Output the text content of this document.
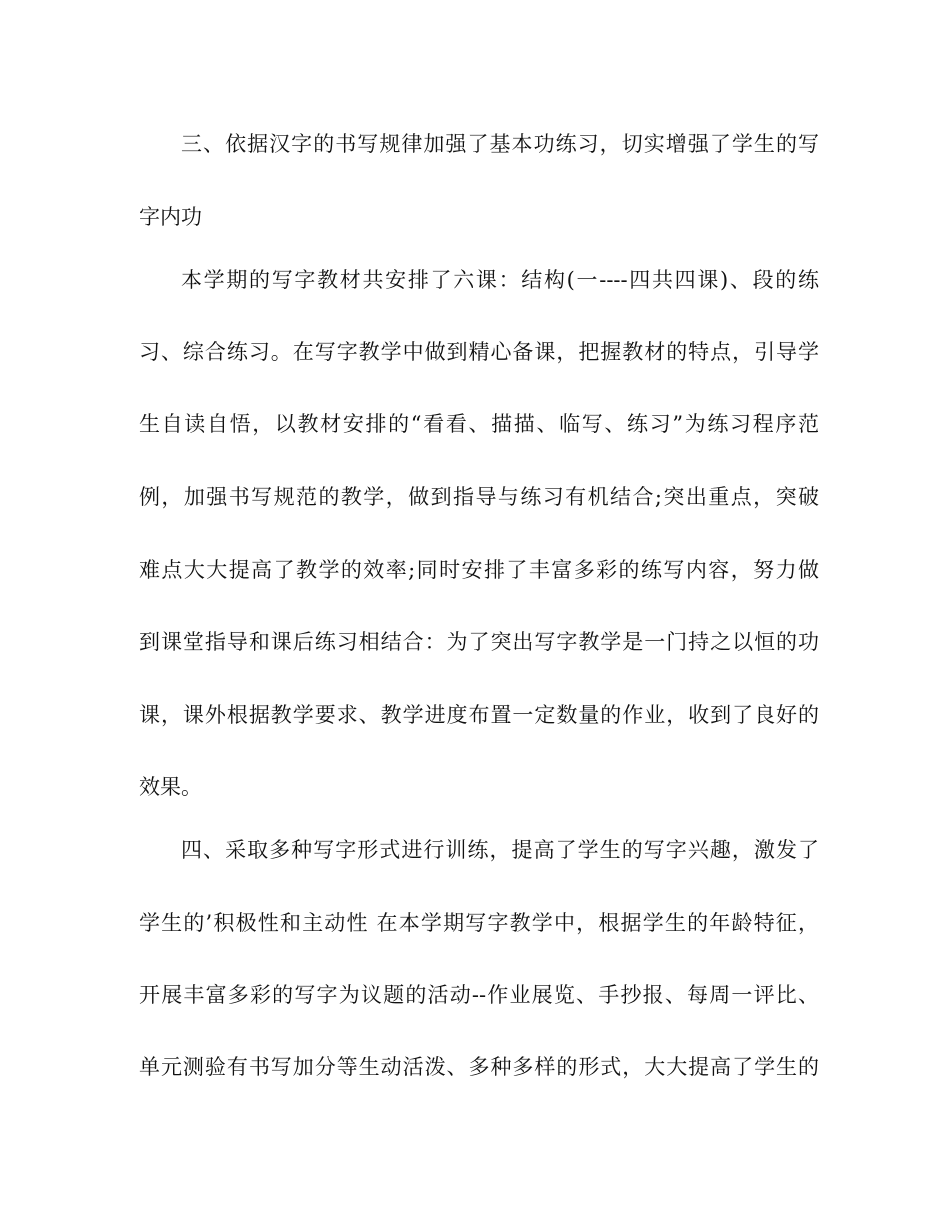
三、依据汉字的书写规律加强了基本功练习，切实增强了学生的写
字内功
本学期的写字教材共安排了六课：结构(一----四共四课)、段的练
习、综合练习。在写字教学中做到精心备课，把握教材的特点，引导学
生自读自悟，以教材安排的“看看、描描、临写、练习”为练习程序范
例，加强书写规范的教学，做到指导与练习有机结合;突出重点，突破
难点大大提高了教学的效率;同时安排了丰富多彩的练写内容，努力做
到课堂指导和课后练习相结合：为了突出写字教学是一门持之以恒的功
课，课外根据教学要求、教学进度布置一定数量的作业，收到了良好的
效果。
四、采取多种写字形式进行训练，提高了学生的写字兴趣，激发了
学生的’积极性和主动性 在本学期写字教学中，根据学生的年龄特征，
开展丰富多彩的写字为议题的活动--作业展览、手抄报、每周一评比、
单元测验有书写加分等生动活泼、多种多样的形式，大大提高了学生的
